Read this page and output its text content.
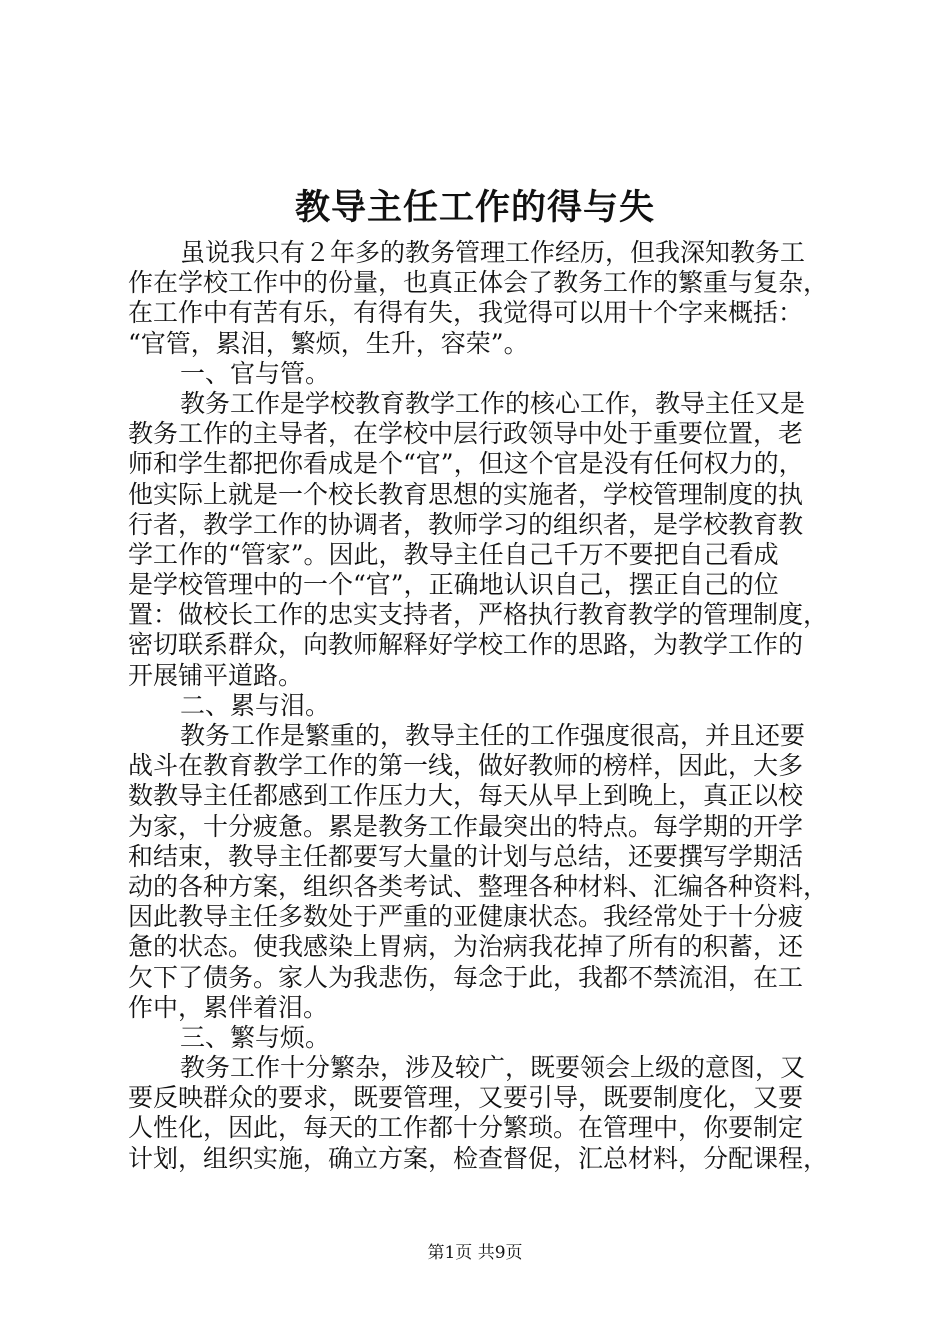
教导主任工作的得与失
虽说我只有２年多的教务管理工作经历，但我深知教务工
作在学校工作中的份量，也真正体会了教务工作的繁重与复杂，
在工作中有苦有乐，有得有失，我觉得可以用十个字来概括：
“官管，累泪，繁烦，生升，容荣”。
一、官与管。
教务工作是学校教育教学工作的核心工作，教导主任又是
教务工作的主导者，在学校中层行政领导中处于重要位置，老
师和学生都把你看成是个“官”，但这个官是没有任何权力的，
他实际上就是一个校长教育思想的实施者，学校管理制度的执
行者，教学工作的协调者，教师学习的组织者，是学校教育教
学工作的“管家”。因此，教导主任自己千万不要把自己看成
是学校管理中的一个“官”，正确地认识自己，摆正自己的位
置：做校长工作的忠实支持者，严格执行教育教学的管理制度，
密切联系群众，向教师解释好学校工作的思路，为教学工作的
开展铺平道路。
二、累与泪。
教务工作是繁重的，教导主任的工作强度很高，并且还要
战斗在教育教学工作的第一线，做好教师的榜样，因此，大多
数教导主任都感到工作压力大，每天从早上到晚上，真正以校
为家，十分疲惫。累是教务工作最突出的特点。每学期的开学
和结束，教导主任都要写大量的计划与总结，还要撰写学期活
动的各种方案，组织各类考试、整理各种材料、汇编各种资料，
因此教导主任多数处于严重的亚健康状态。我经常处于十分疲
惫的状态。使我感染上胃病，为治病我花掉了所有的积蓄，还
欠下了债务。家人为我悲伤，每念于此，我都不禁流泪，在工
作中，累伴着泪。
三、繁与烦。
教务工作十分繁杂，涉及较广，既要领会上级的意图，又
要反映群众的要求，既要管理，又要引导，既要制度化，又要
人性化，因此，每天的工作都十分繁琐。在管理中，你要制定
计划，组织实施，确立方案，检查督促，汇总材料，分配课程，
第1页 共9页
